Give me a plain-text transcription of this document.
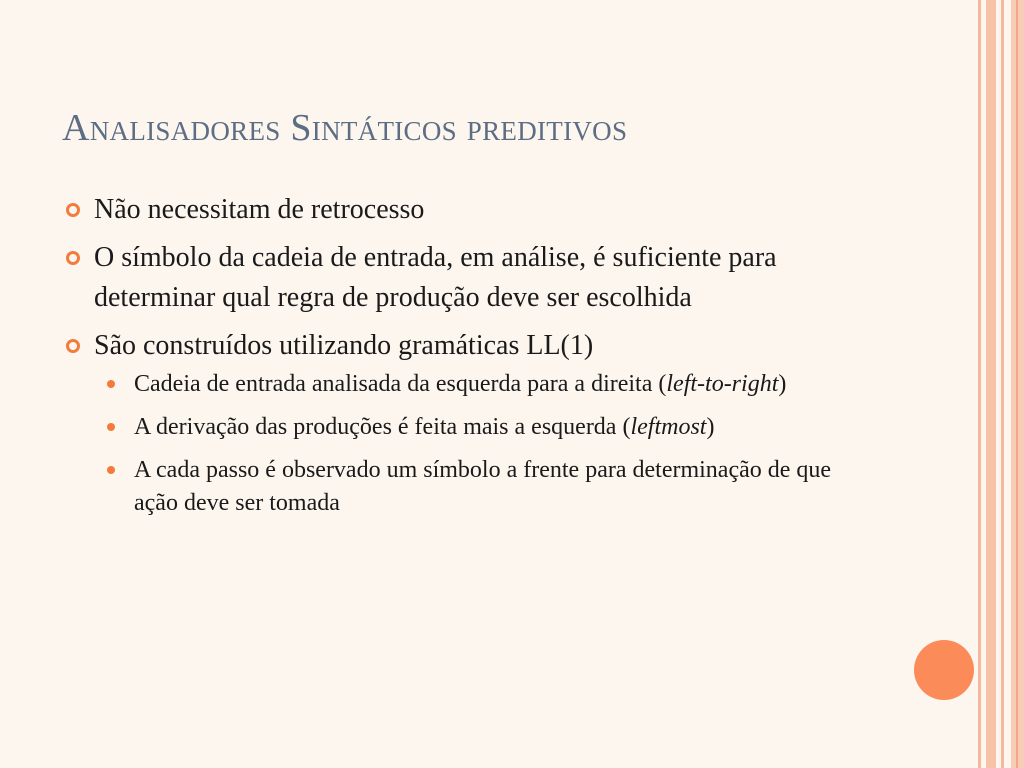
Analisadores Sintáticos preditivos
Não necessitam de retrocesso
O símbolo da cadeia de entrada, em análise, é suficiente para determinar qual regra de produção deve ser escolhida
São construídos utilizando gramáticas LL(1)
Cadeia de entrada analisada da esquerda para a direita (left-to-right)
A derivação das produções é feita mais a esquerda (leftmost)
A cada passo é observado um símbolo a frente para determinação de que ação deve ser tomada
